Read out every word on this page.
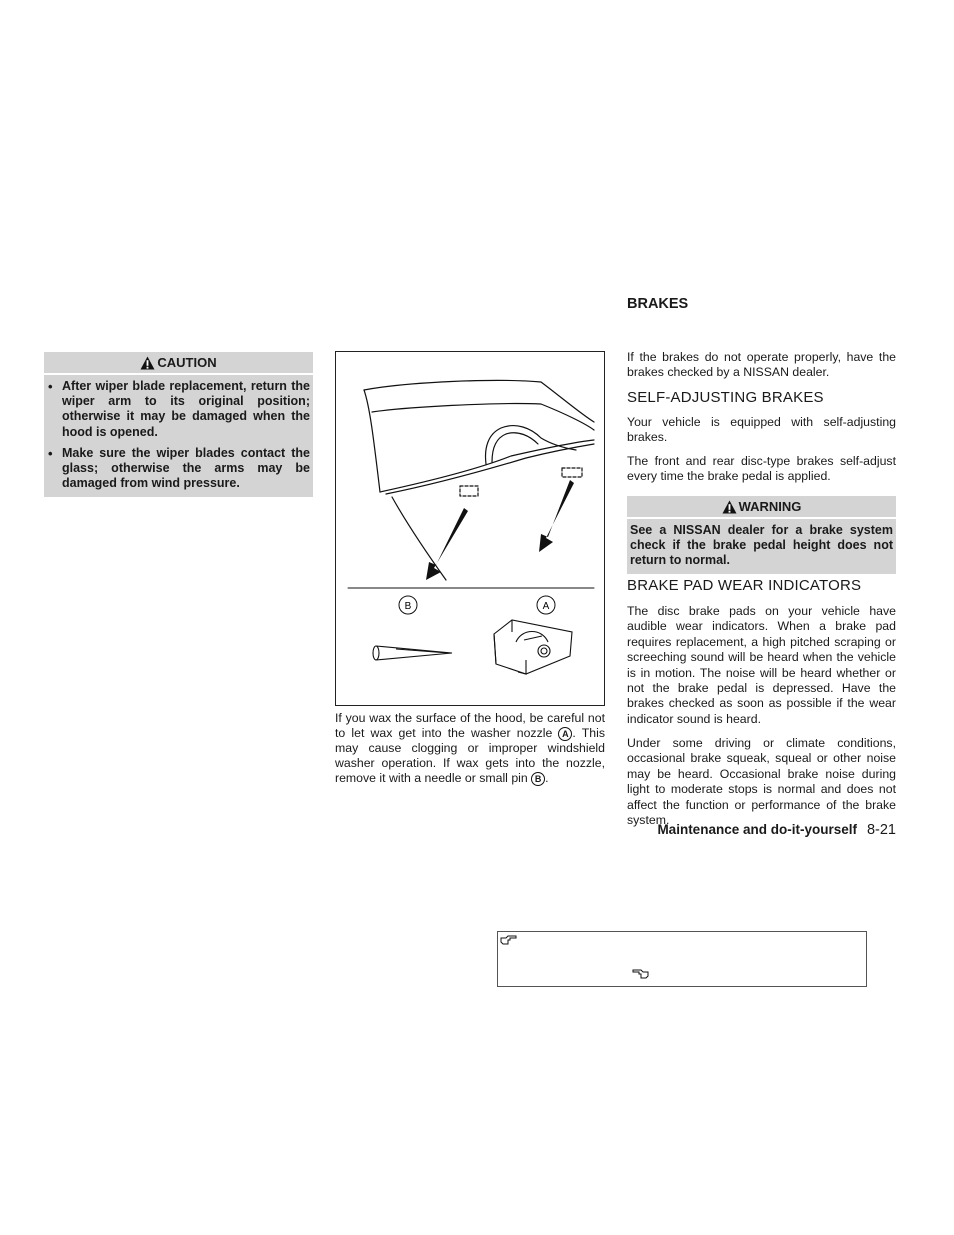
CAUTION
• After wiper blade replacement, return the wiper arm to its original position; otherwise it may be damaged when the hood is opened.
• Make sure the wiper blades contact the glass; otherwise the arms may be damaged from wind pressure.
B	A
If you wax the surface of the hood, be careful not to let wax get into the washer nozzle A . This may cause clogging or improper windshield washer operation. If wax gets into the nozzle, remove it with a needle or small pin B .
BRAKES

If the brakes do not operate properly, have the brakes checked by a NISSAN dealer.

SELF-ADJUSTING BRAKES

Your vehicle is equipped with self-adjusting brakes.

The front and rear disc-type brakes self-adjust every time the brake pedal is applied.

WARNING
See a NISSAN dealer for a brake system check if the brake pedal height does not return to normal.
BRAKE PAD WEAR INDICATORS

The disc brake pads on your vehicle have audible wear indicators. When a brake pad requires replacement, a high pitched scraping or screeching sound will be heard when the vehicle is in motion. The noise will be heard whether or not the brake pedal is depressed. Have the brakes checked as soon as possible if the wear indicator sound is heard.

Under some driving or climate conditions, occasional brake squeak, squeal or other noise may be heard. Occasional brake noise during light to moderate stops is normal and does not affect the function or performance of the brake system.

Maintenance and do-it-yourself 8-21
